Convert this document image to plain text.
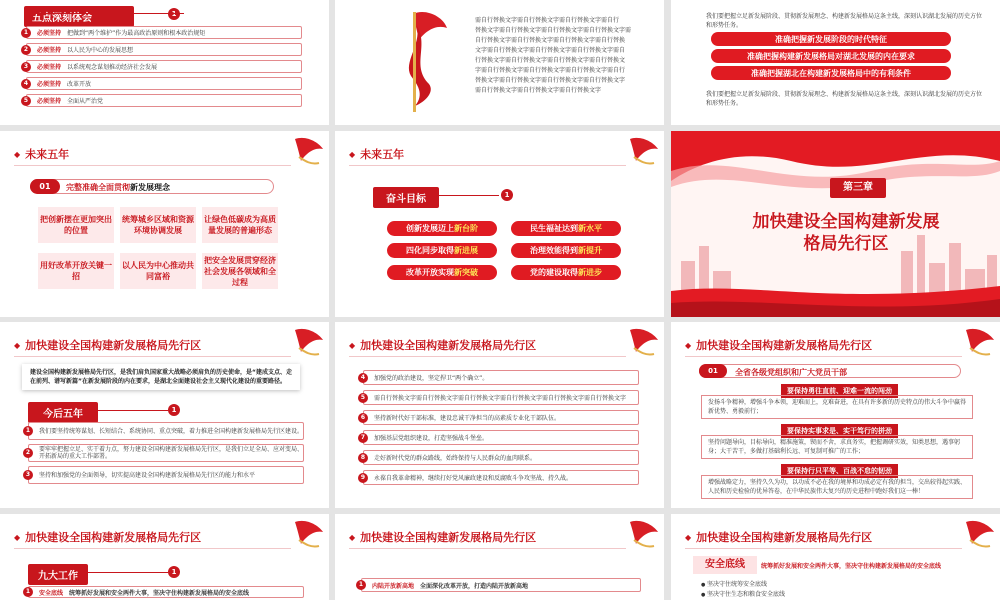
五点深刻体会	1
1	必须坚持 把做到“两个维护”作为最高政治原则和根本政治规矩
2	必须坚持 以人民为中心的发展思想
3	必须坚持 以系统观念谋划推动经济社会发展
4	必须坚持 改革开放
5	必须坚持 全面从严治党
需自行替换文字需自行替换文字需自行替换文字需自行
替换文字需自行替换文字需自行替换文字需自行替换文字需
自行替换文字需自行替换文字需自行替换文字需自行替换
文字需自行替换文字需自行替换文字需自行替换文字需自
行替换文字需自行替换文字需自行替换文字需自行替换文
字需自行替换文字需自行替换文字需自行替换文字需自行
替换文字需自行替换文字需自行替换文字需自行替换文字
需自行替换文字需自行替换文字需自行替换文字
我们要把握立足新发展阶段、贯彻新发展理念、构建新发展格局这条主线，深刻认识湖北发展的历史方位和形势任务。
准确把握新发展阶段的时代特征
准确把握构建新发展格局对湖北发展的内在要求
准确把握湖北在构建新发展格局中的有利条件
我们要把握立足新发展阶段、贯彻新发展理念、构建新发展格局这条主线，深刻认识湖北发展的历史方位和形势任务。
◆ 未来五年
01	完整准确全面贯彻新发展理念
把创新摆在更加突出的位置
统筹城乡区域和资源环境协调发展
让绿色低碳成为高质量发展的普遍形态
用好改革开放关键一招
以人民为中心推动共同富裕
把安全发展贯穿经济社会发展各领域和全过程
◆ 未来五年
奋斗目标	1
创新发展迈上新台阶	民生福祉达到新水平
四化同步取得新进展	治理效能得到新提升
改革开放实现新突破	党的建设取得新进步
第三章
加快建设全国构建新发展
格局先行区
◆ 加快建设全国构建新发展格局先行区
建设全国构建新发展格局先行区，是我们肩负国家重大战略必须肩负的历史使命，是“建成支点、走在前列、谱写新篇”在新发展阶段的内在要求，是湖北全面建设社会主义现代化建设的重要路径。
今后五年	1
1	我们要坚持统筹谋划、长短结合、系统协同、重点突破，着力推进全国构建新发展格局先行区建设。
2	要牢牢把握立足、实干着力点，努力建设全国构建新发展格局先行区，是我们立足全局、应对变局、开拓新局的重大工作部署。
3	坚持和加强党的全面领导，切实提高建设全国构建新发展格局先行区的能力和水平
◆ 加快建设全国构建新发展格局先行区
4	加强党的政治建设，坚定捍卫“两个确立”。
5	需自行替换文字需自行替换文字需自行替换文字需自行替换文字需自行替换文字需自行替换文字
6	坚持新时代好干部标准，建设忠诚干净担当的高素质专业化干部队伍。
7	加强基层党组织建设，打造坚强战斗堡垒。
8	走好新时代党的群众路线，始终保持与人民群众的血肉联系。
9	永葆自我革命精神，继续打好党风廉政建设和反腐败斗争攻坚战、持久战。
◆ 加快建设全国构建新发展格局先行区
01	全省各级党组织和广大党员干部
要保持勇往直前、迎难一流的闯劲
发扬斗争精神，增强斗争本领，迎难而上，克难奋进，在具有许多新的历史特点的伟大斗争中赢得新优势、勇毅前行；
要保持实事求是、实干笃行的拼劲
坚持问题导向，目标导向，精准施策，锲而不舍，求真务实，把握调研实效，知类思想，遇事躬身；大干苦干，多做打基础利长远、可复制可推广的工作；
要保持行只平等、百战不怠的韧劲
增强战略定力，坚持久久为功，以功成不必在我的境界和功成必定有我的担当，交出较得起实践、人民和历史检验的优异答卷，在中华民族伟大复兴的历史进程中跑好我们这一棒！
◆ 加快建设全国构建新发展格局先行区
九大工作	1
1	安全底线 统筹抓好发展和安全两件大事，坚决守住构建新发展格局的安全底线
◆ 加快建设全国构建新发展格局先行区
1	内陆开放新高地 全面深化改革开放，打造内陆开放新高地
◆ 加快建设全国构建新发展格局先行区
安全底线	统筹抓好发展和安全两件大事，坚决守住构建新发展格局的安全底线
● 坚决守住统筹安全底线
● 坚决守住生态和粮食安全底线
